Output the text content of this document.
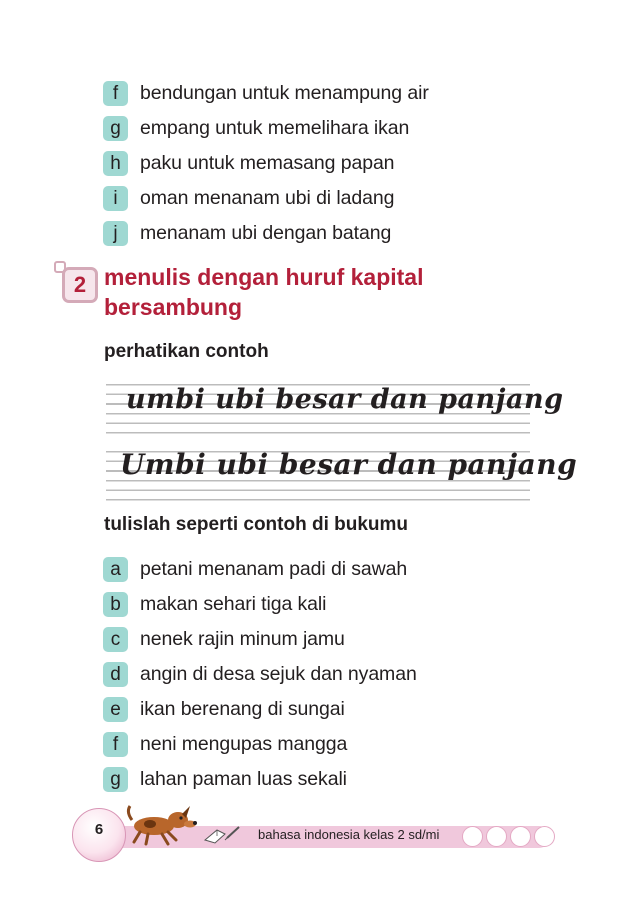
f	bendungan untuk menampung air
g empang untuk memelihara ikan
h paku untuk memasang papan
i	oman menanam ubi di ladang
j	menanam ubi dengan batang
2 menulis dengan huruf kapital
bersambung
perhatikan contoh
umbi ubi besar dan panjang
Umbi ubi besar dan panjang
tulislah seperti contoh di bukumu
a petani menanam padi di sawah
b makan sehari tiga kali
c	nenek rajin minum jamu
d angin di desa sejuk dan nyaman
e ikan berenang di sungai
f	neni mengupas mangga
g lahan paman luas sekali
6	bahasa indonesia kelas 2 sd/mi
